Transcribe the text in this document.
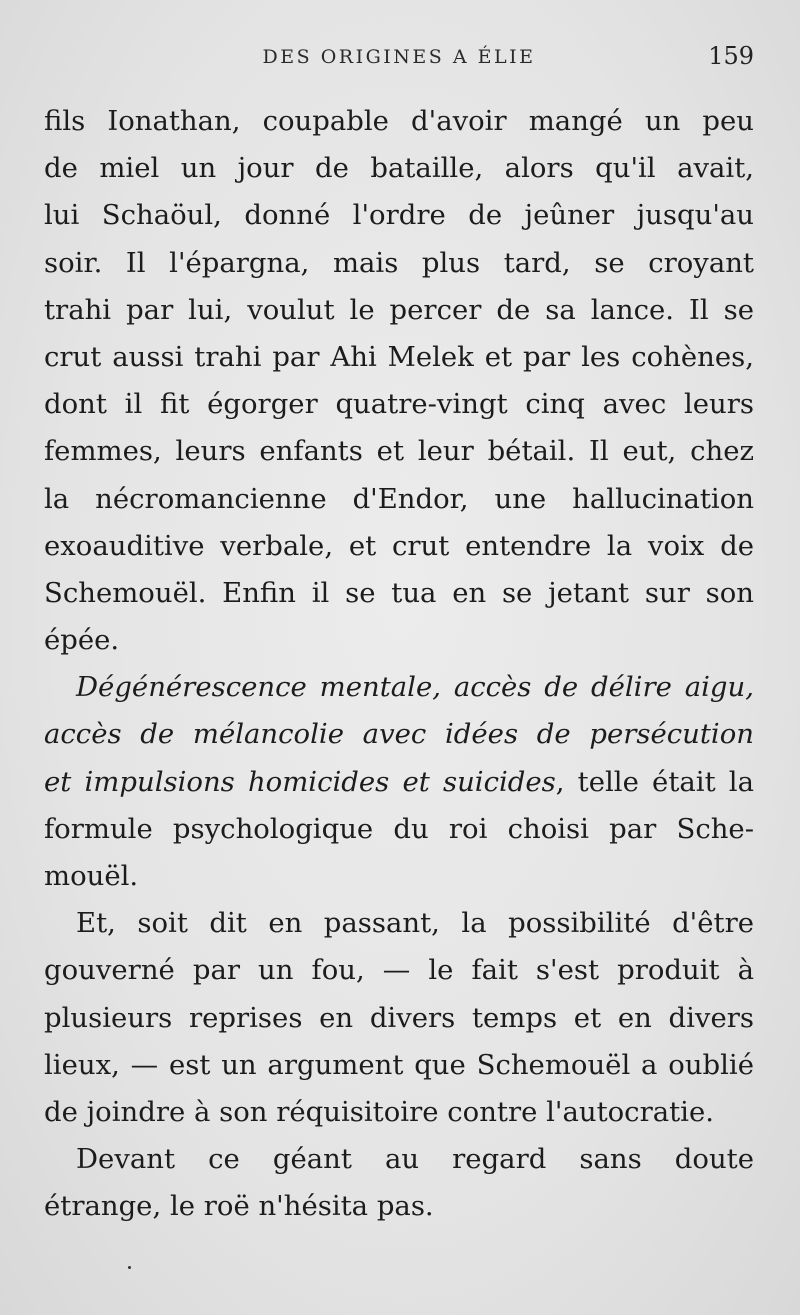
DES ORIGINES A ÉLIE	159
fils Ionathan, coupable d'avoir mangé un peu
de miel un jour de bataille, alors qu'il avait,
lui Schaöul, donné l'ordre de jeûner jusqu'au
soir. Il l'épargna, mais plus tard, se croyant
trahi par lui, voulut le percer de sa lance. Il se
crut aussi trahi par Ahi Melek et par les cohènes,
dont il fit égorger quatre-vingt cinq avec leurs
femmes, leurs enfants et leur bétail. Il eut, chez
la nécromancienne d'Endor, une hallucination
exoauditive verbale, et crut entendre la voix de
Schemouël. Enfin il se tua en se jetant sur son
épée.
Dégénérescence mentale, accès de délire aigu,
accès de mélancolie avec idées de persécution
et impulsions homicides et suicides, telle était la
formule psychologique du roi choisi par Sche-
mouël.
Et, soit dit en passant, la possibilité d'être
gouverné par un fou, — le fait s'est produit à
plusieurs reprises en divers temps et en divers
lieux, — est un argument que Schemouël a oublié
de joindre à son réquisitoire contre l'autocratie.
Devant ce géant au regard sans doute
étrange, le roë n'hésita pas.
